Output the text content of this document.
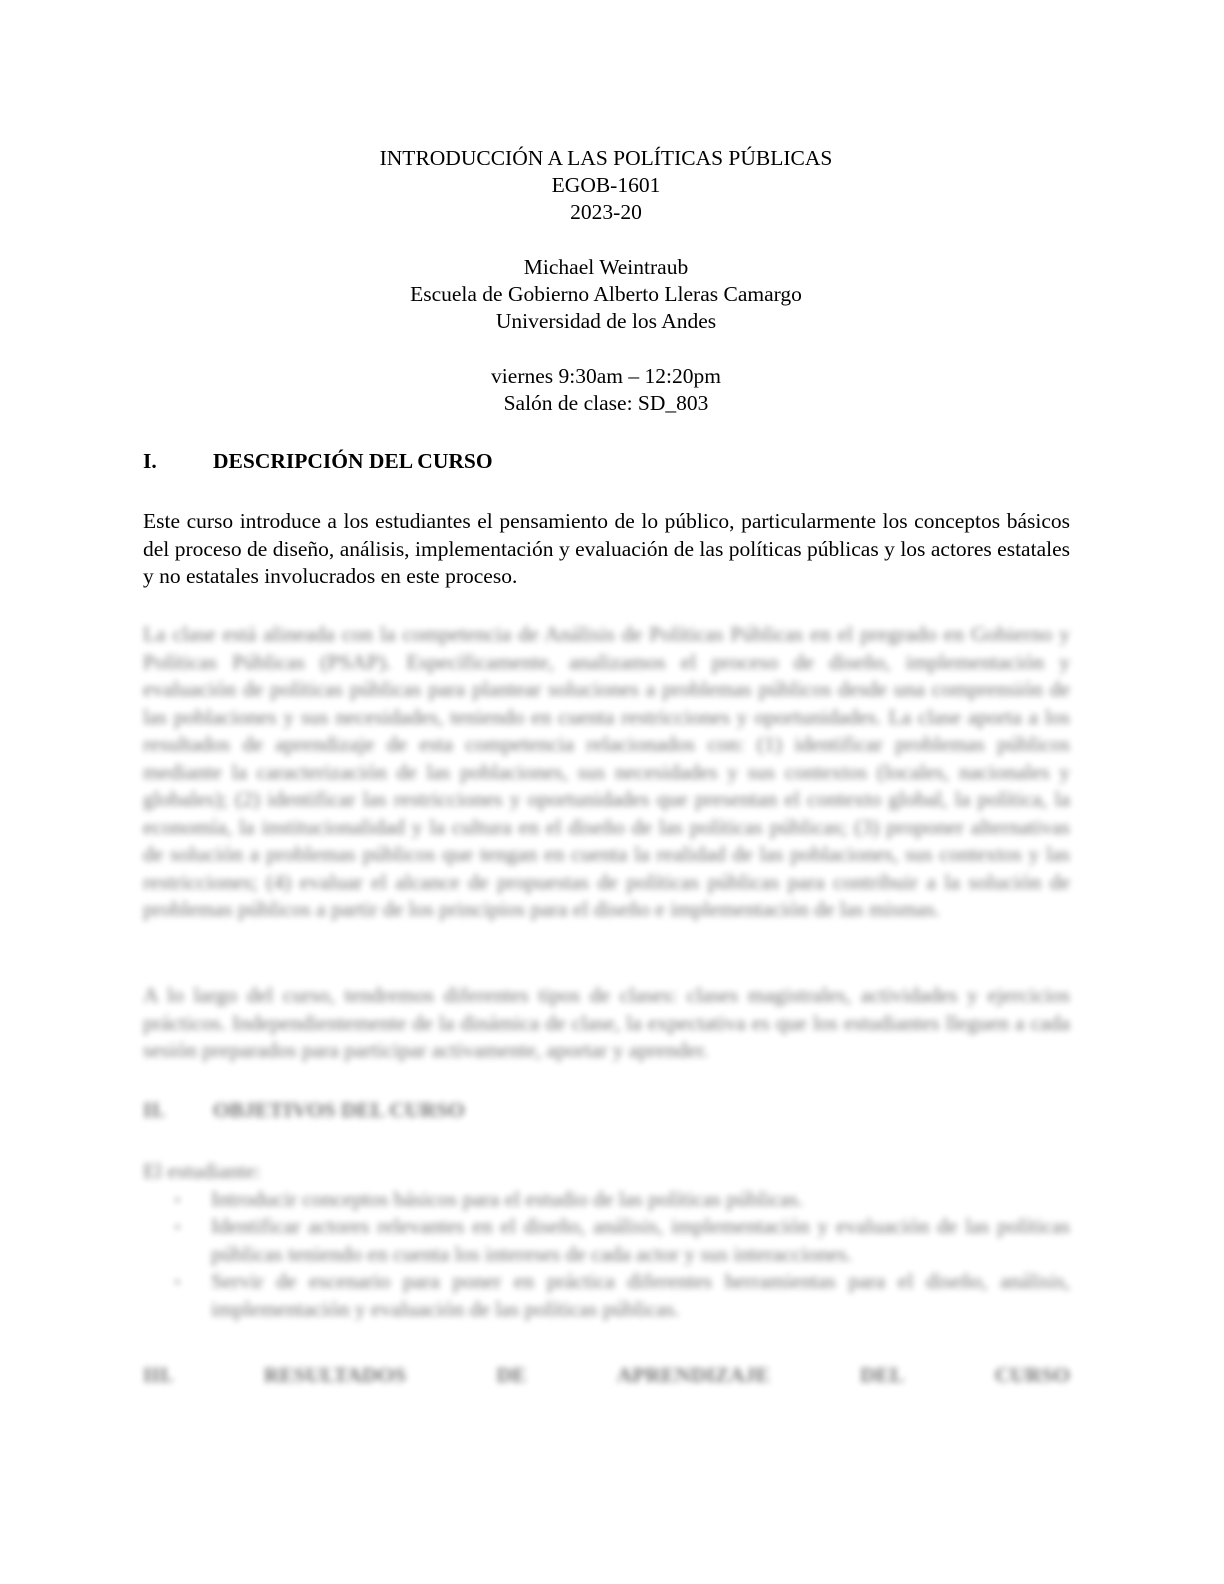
INTRODUCCIÓN A LAS POLÍTICAS PÚBLICAS
EGOB-1601
2023-20
Michael Weintraub
Escuela de Gobierno Alberto Lleras Camargo
Universidad de los Andes
viernes 9:30am – 12:20pm
Salón de clase: SD_803
I.	DESCRIPCIÓN DEL CURSO
Este curso introduce a los estudiantes el pensamiento de lo público, particularmente los conceptos básicos del proceso de diseño, análisis, implementación y evaluación de las políticas públicas y los actores estatales y no estatales involucrados en este proceso.
La clase está alineada con la competencia de Análisis de Políticas Públicas en el pregrado en Gobierno y Políticas Públicas (PSAP). Específicamente, analizamos el proceso de diseño, implementación y evaluación de políticas públicas para plantear soluciones a problemas públicos desde una comprensión de las poblaciones y sus necesidades, teniendo en cuenta restricciones y oportunidades. La clase aporta a los resultados de aprendizaje de esta competencia relacionados con: (1) identificar problemas públicos mediante la caracterización de las poblaciones, sus necesidades y sus contextos (locales, nacionales y globales); (2) identificar las restricciones y oportunidades que presentan el contexto global, la política, la economía, la institucionalidad y la cultura en el diseño de las políticas públicas; (3) proponer alternativas de solución a problemas públicos que tengan en cuenta la realidad de las poblaciones, sus contextos y las restricciones; (4) evaluar el alcance de propuestas de políticas públicas para contribuir a la solución de problemas públicos a partir de los principios para el diseño e implementación de las mismas.
A lo largo del curso, tendremos diferentes tipos de clases: clases magistrales, actividades y ejercicios prácticos. Independientemente de la dinámica de clase, la expectativa es que los estudiantes lleguen a cada sesión preparados para participar activamente, aportar y aprender.
II. OBJETIVOS DEL CURSO
El estudiante:
▪ Introducir conceptos básicos para el estudio de las políticas públicas.
▪ Identificar actores relevantes en el diseño, análisis, implementación y evaluación de las políticas públicas teniendo en cuenta los intereses de cada actor y sus interacciones.
▪ Servir de escenario para poner en práctica diferentes herramientas para el diseño, análisis, implementación y evaluación de las políticas públicas.
III.	RESULTADOS	DE	APRENDIZAJE	DEL	CURSO
